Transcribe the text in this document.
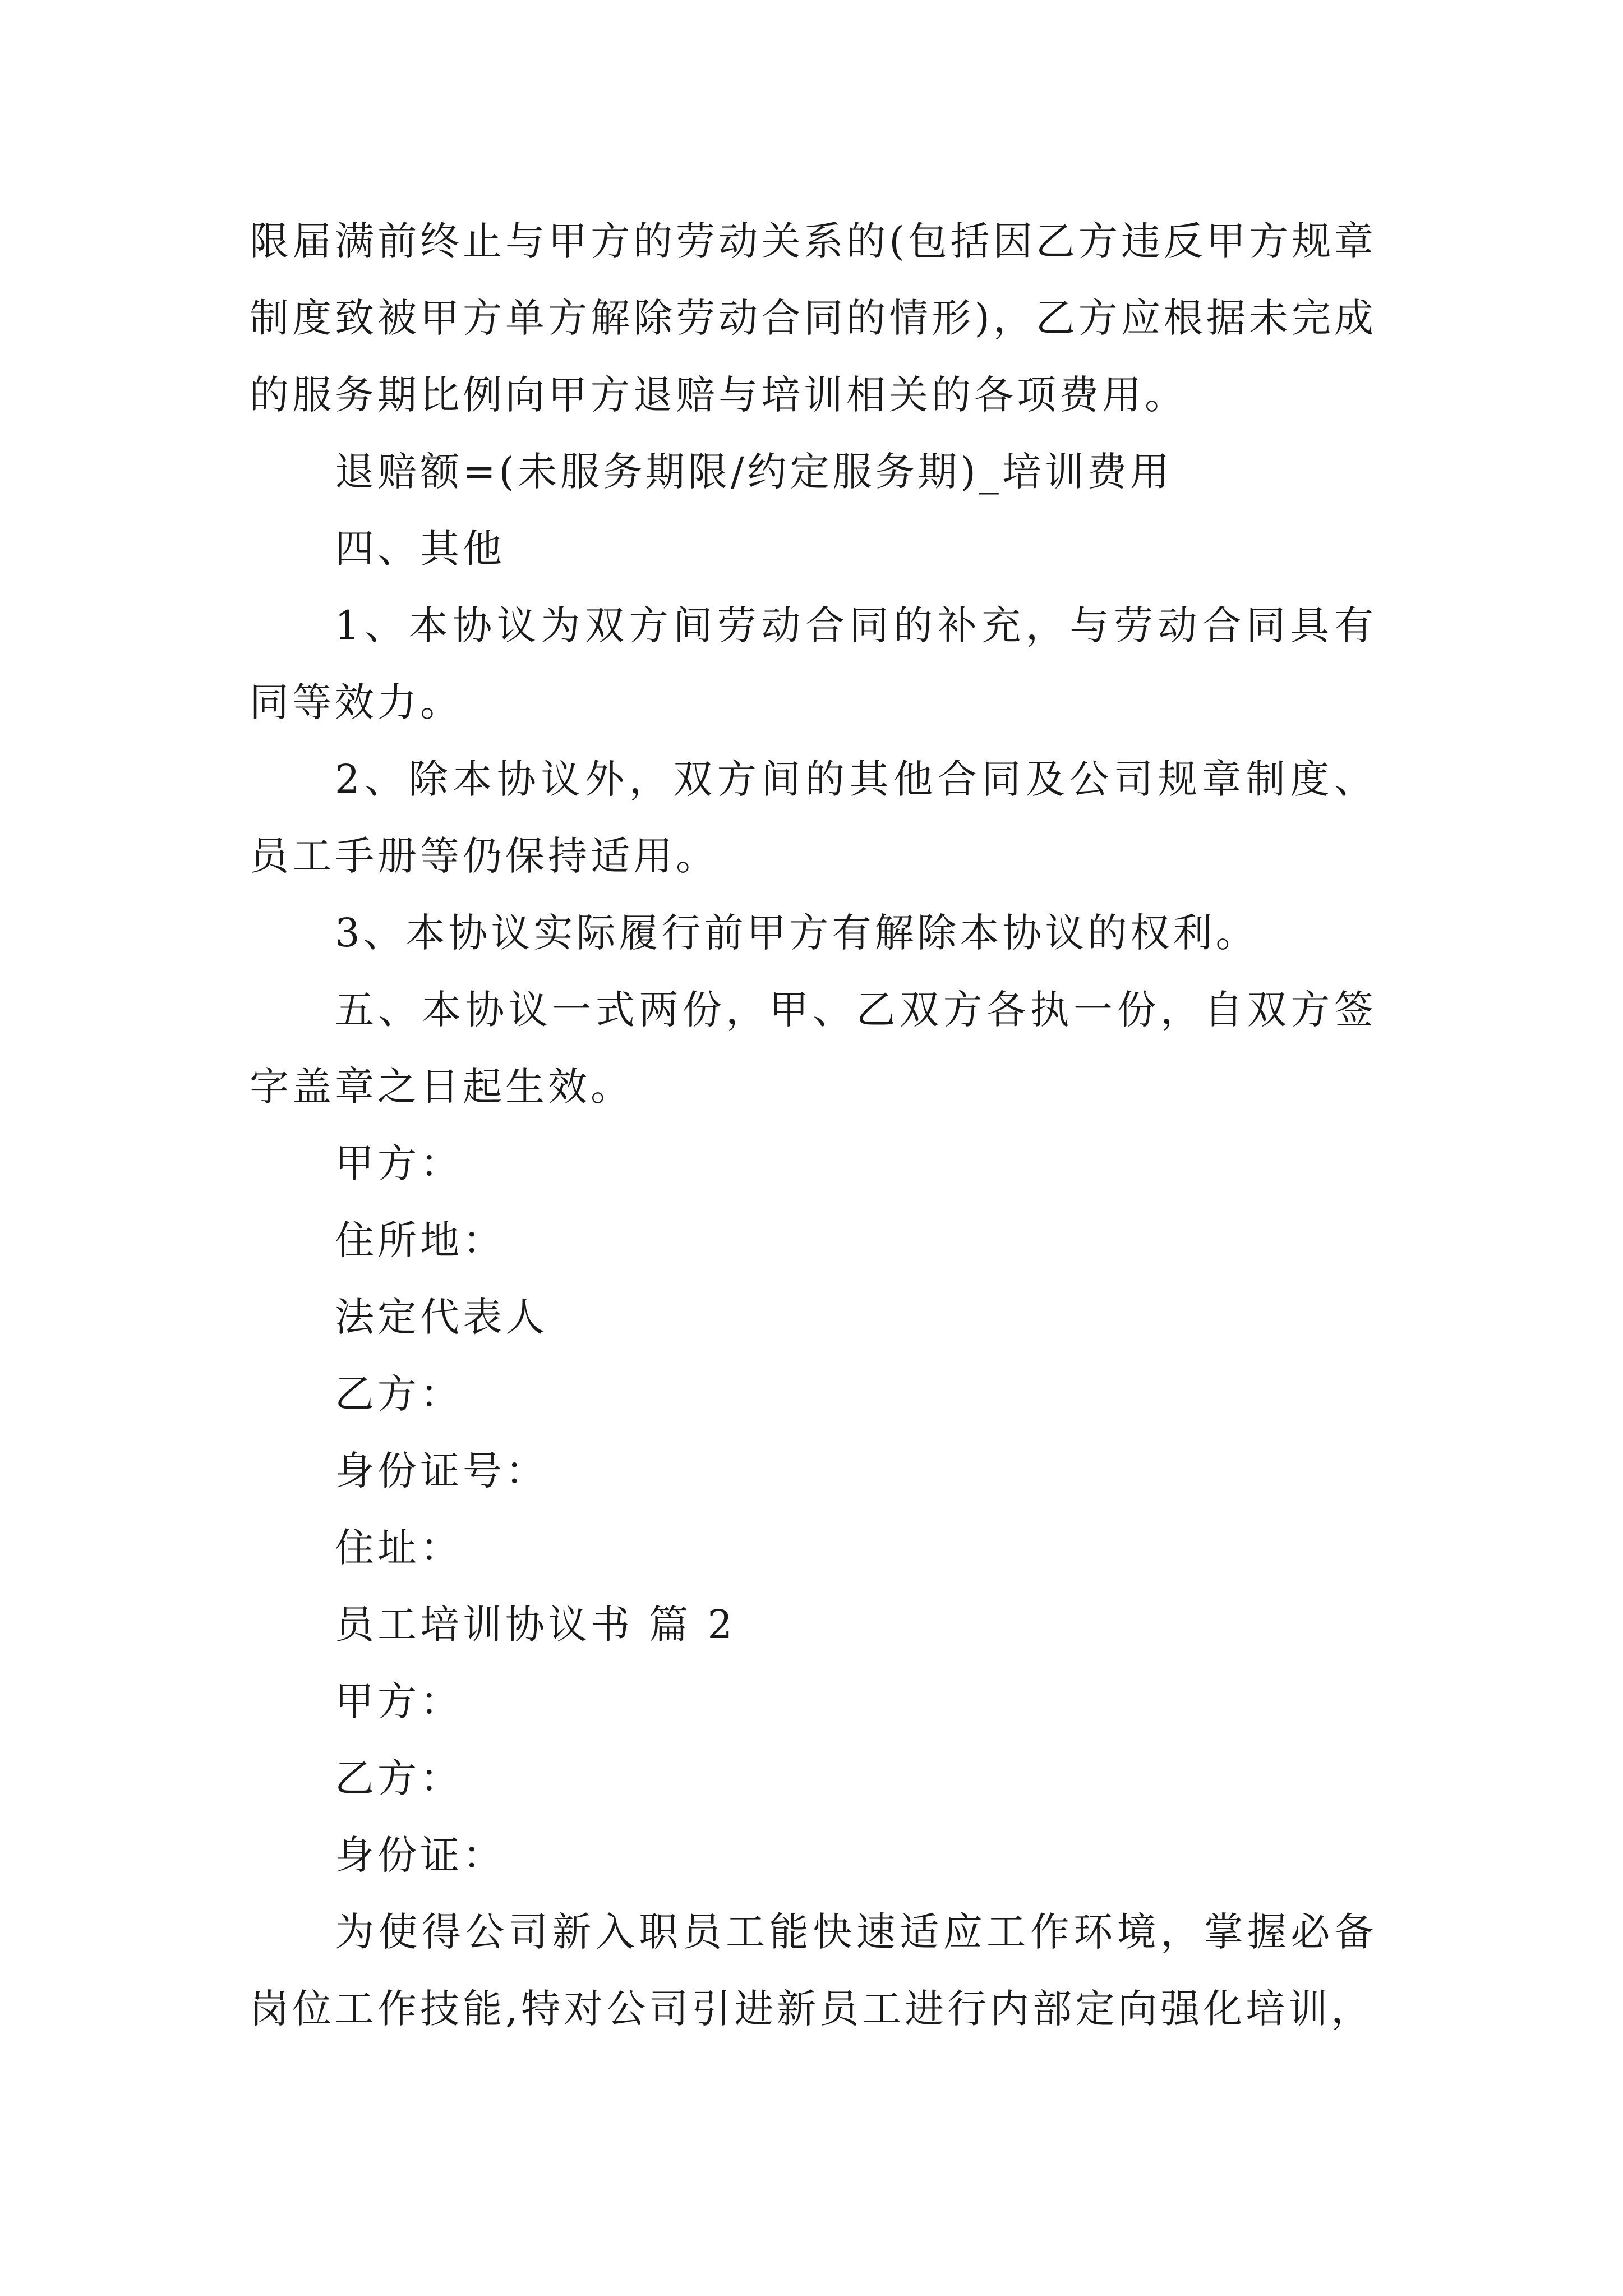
限届满前终止与甲方的劳动关系的(包括因乙方违反甲方规章制度致被甲方单方解除劳动合同的情形)，乙方应根据未完成的服务期比例向甲方退赔与培训相关的各项费用。

退赔额=(未服务期限/约定服务期)_培训费用

四、其他

1、本协议为双方间劳动合同的补充，与劳动合同具有同等效力。

2、除本协议外，双方间的其他合同及公司规章制度、员工手册等仍保持适用。

3、本协议实际履行前甲方有解除本协议的权利。

五、本协议一式两份，甲、乙双方各执一份，自双方签字盖章之日起生效。

甲方：

住所地：

法定代表人

乙方：

身份证号：

住址：

员工培训协议书 篇 2

甲方：

乙方：

身份证：

为使得公司新入职员工能快速适应工作环境，掌握必备岗位工作技能,特对公司引进新员工进行内部定向强化培训，
